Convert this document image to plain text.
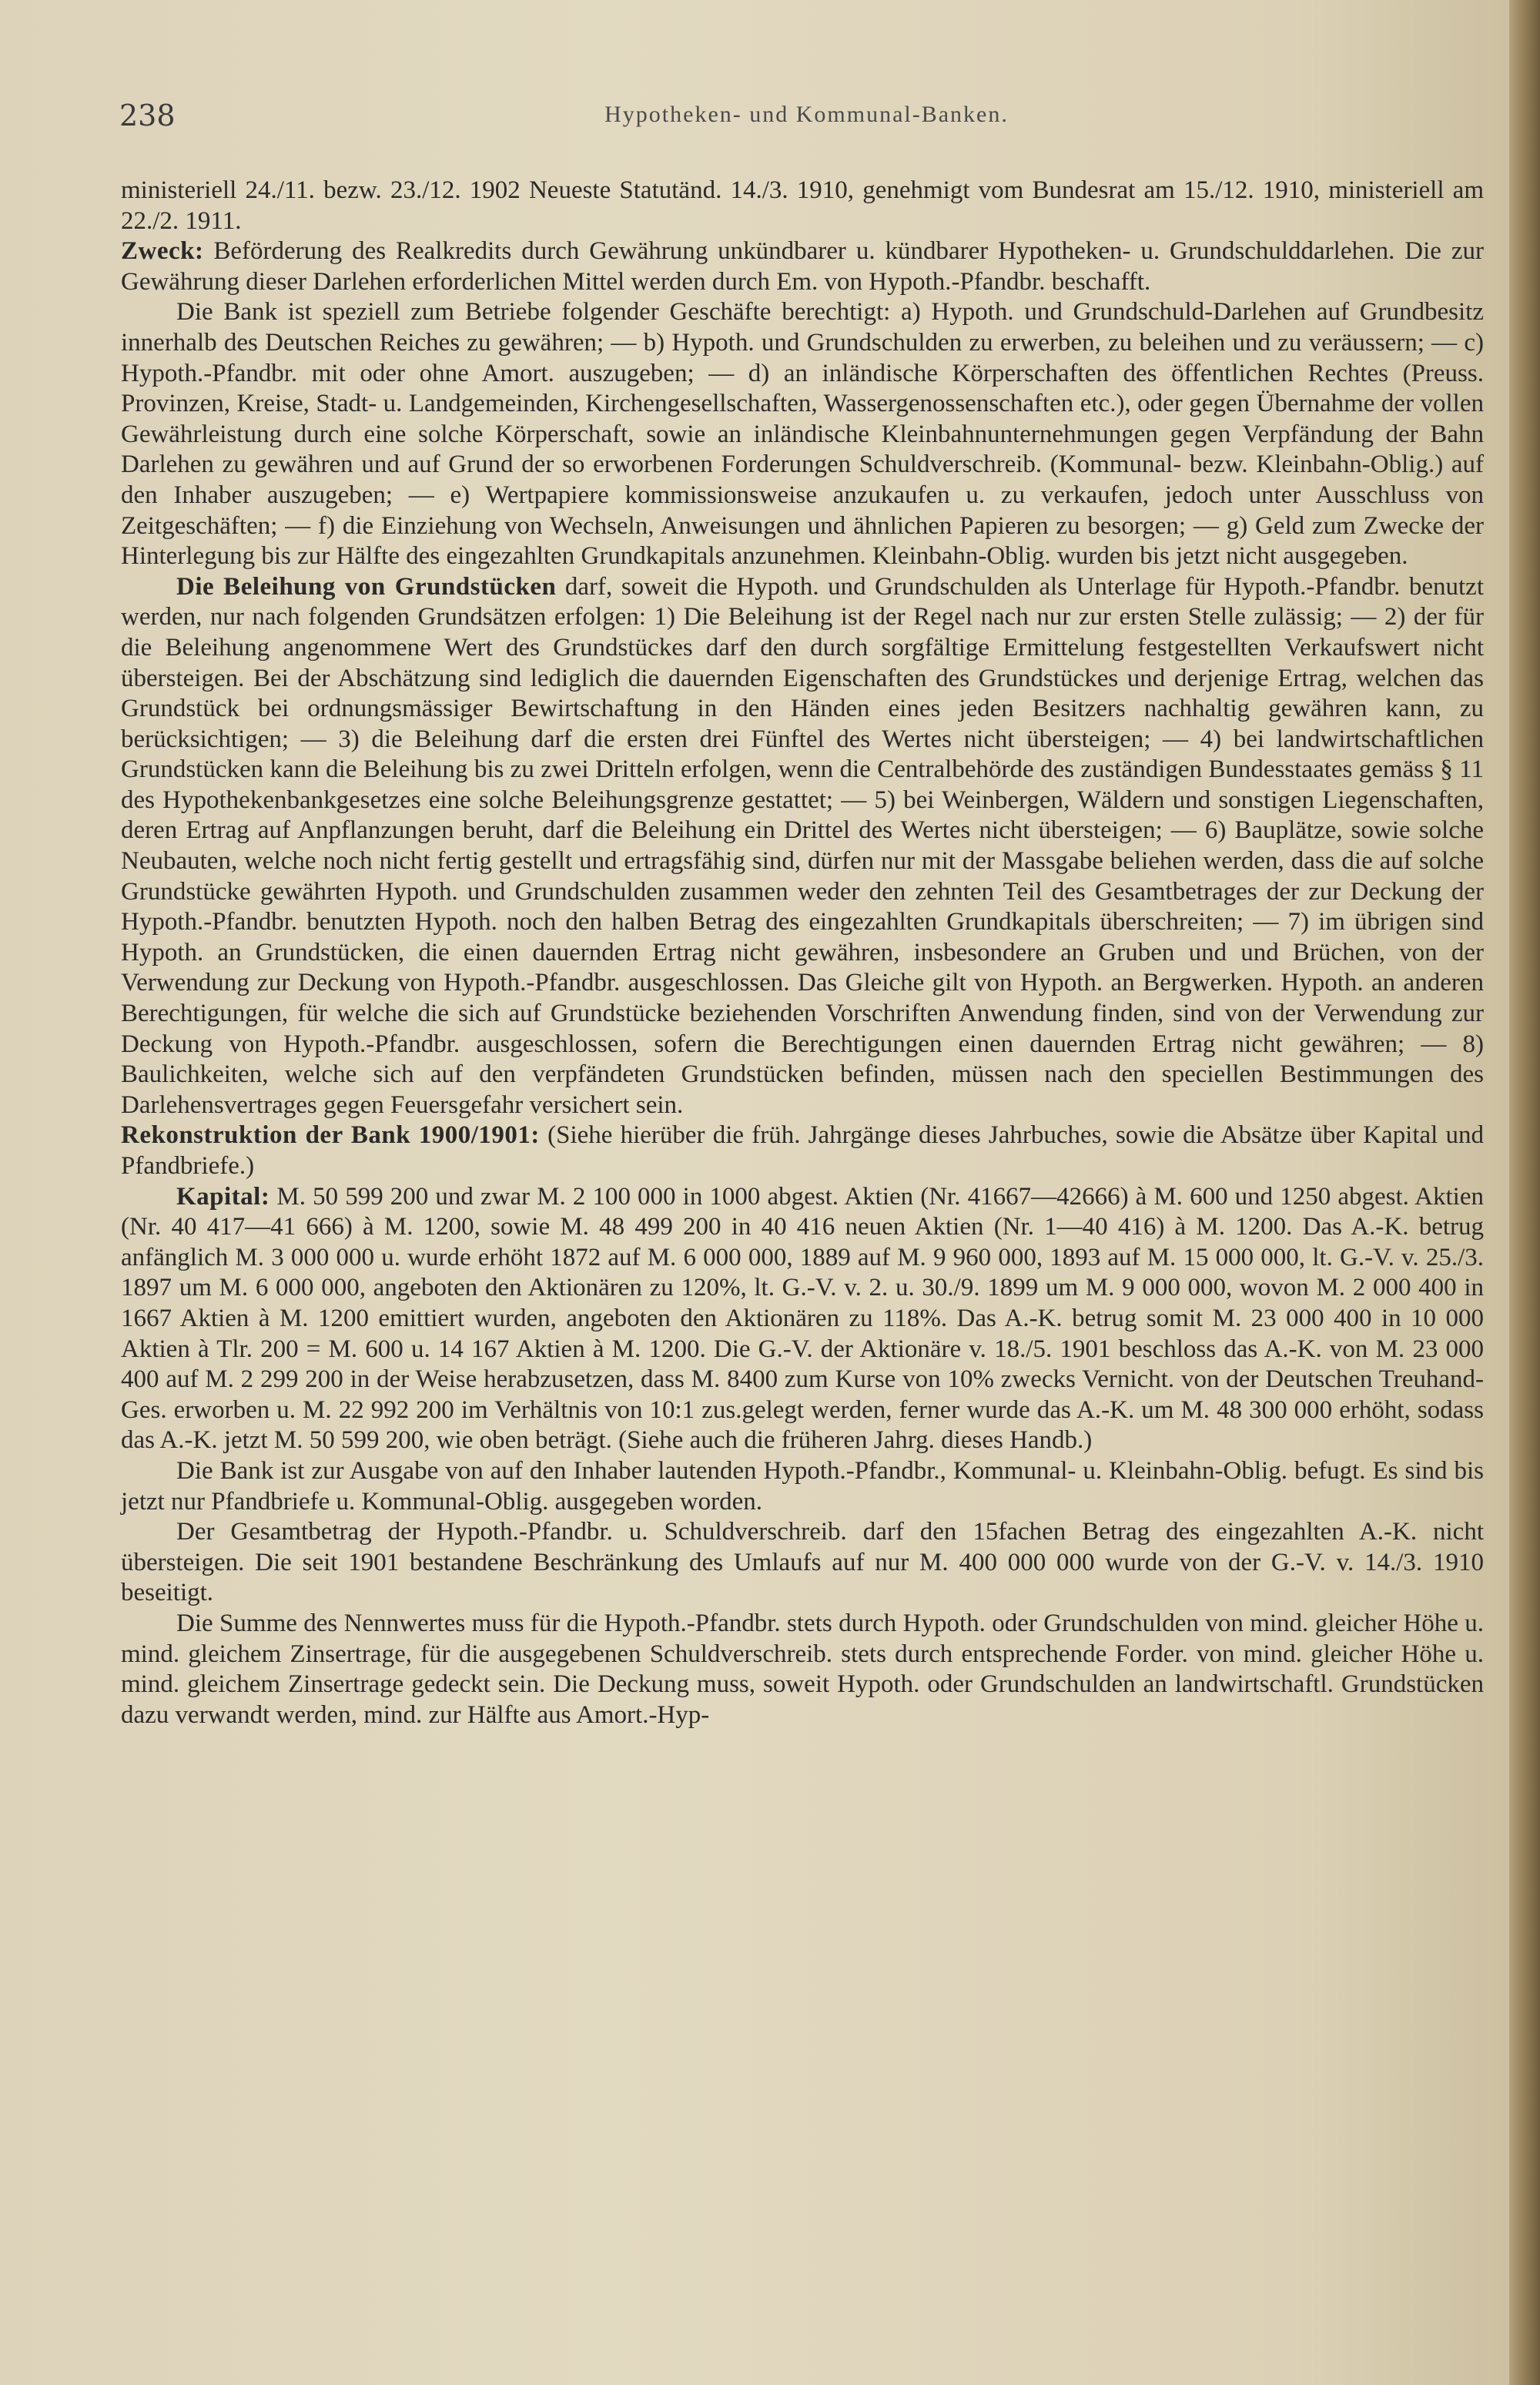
238	Hypotheken- und Kommunal-Banken.

ministeriell 24./11. bezw. 23./12. 1902 Neueste Statutänd. 14./3. 1910, genehmigt vom Bundesrat am 15./12. 1910, ministeriell am 22./2. 1911.

Zweck: Beförderung des Realkredits durch Gewährung unkündbarer u. kündbarer Hypotheken- u. Grundschulddarlehen. Die zur Gewährung dieser Darlehen erforderlichen Mittel werden durch Em. von Hypoth.-Pfandbr. beschafft.

Die Bank ist speziell zum Betriebe folgender Geschäfte berechtigt: a) Hypoth. und Grundschuld-Darlehen auf Grundbesitz innerhalb des Deutschen Reiches zu gewähren; — b) Hypoth. und Grundschulden zu erwerben, zu beleihen und zu veräussern; — c) Hypoth.-Pfandbr. mit oder ohne Amort. auszugeben; — d) an inländische Körperschaften des öffentlichen Rechtes (Preuss. Provinzen, Kreise, Stadt- u. Landgemeinden, Kirchengesellschaften, Wassergenossenschaften etc.), oder gegen Übernahme der vollen Gewährleistung durch eine solche Körperschaft, sowie an inländische Kleinbahnunternehmungen gegen Verpfändung der Bahn Darlehen zu gewähren und auf Grund der so erworbenen Forderungen Schuldverschreib. (Kommunal- bezw. Kleinbahn-Oblig.) auf den Inhaber auszugeben; — e) Wertpapiere kommissionsweise anzukaufen u. zu verkaufen, jedoch unter Ausschluss von Zeitgeschäften; — f) die Einziehung von Wechseln, Anweisungen und ähnlichen Papieren zu besorgen; — g) Geld zum Zwecke der Hinterlegung bis zur Hälfte des eingezahlten Grundkapitals anzunehmen. Kleinbahn-Oblig. wurden bis jetzt nicht ausgegeben.

Die Beleihung von Grundstücken darf, soweit die Hypoth. und Grundschulden als Unterlage für Hypoth.-Pfandbr. benutzt werden, nur nach folgenden Grundsätzen erfolgen: 1) Die Beleihung ist der Regel nach nur zur ersten Stelle zulässig; — 2) der für die Beleihung angenommene Wert des Grundstückes darf den durch sorgfältige Ermittelung festgestellten Verkaufswert nicht übersteigen. Bei der Abschätzung sind lediglich die dauernden Eigenschaften des Grundstückes und derjenige Ertrag, welchen das Grundstück bei ordnungsmässiger Bewirtschaftung in den Händen eines jeden Besitzers nachhaltig gewähren kann, zu berücksichtigen; — 3) die Beleihung darf die ersten drei Fünftel des Wertes nicht übersteigen; — 4) bei landwirtschaftlichen Grundstücken kann die Beleihung bis zu zwei Dritteln erfolgen, wenn die Centralbehörde des zuständigen Bundesstaates gemäss § 11 des Hypothekenbankgesetzes eine solche Beleihungsgrenze gestattet; — 5) bei Weinbergen, Wäldern und sonstigen Liegenschaften, deren Ertrag auf Anpflanzungen beruht, darf die Beleihung ein Drittel des Wertes nicht übersteigen; — 6) Bauplätze, sowie solche Neubauten, welche noch nicht fertig gestellt und ertragsfähig sind, dürfen nur mit der Massgabe beliehen werden, dass die auf solche Grundstücke gewährten Hypoth. und Grundschulden zusammen weder den zehnten Teil des Gesamtbetrages der zur Deckung der Hypoth.-Pfandbr. benutzten Hypoth. noch den halben Betrag des eingezahlten Grundkapitals überschreiten; — 7) im übrigen sind Hypoth. an Grundstücken, die einen dauernden Ertrag nicht gewähren, insbesondere an Gruben und und Brüchen, von der Verwendung zur Deckung von Hypoth.-Pfandbr. ausgeschlossen. Das Gleiche gilt von Hypoth. an Bergwerken. Hypoth. an anderen Berechtigungen, für welche die sich auf Grundstücke beziehenden Vorschriften Anwendung finden, sind von der Verwendung zur Deckung von Hypoth.-Pfandbr. ausgeschlossen, sofern die Berechtigungen einen dauernden Ertrag nicht gewähren; — 8) Baulichkeiten, welche sich auf den verpfändeten Grundstücken befinden, müssen nach den speciellen Bestimmungen des Darlehensvertrages gegen Feuersgefahr versichert sein.

Rekonstruktion der Bank 1900/1901: (Siehe hierüber die früh. Jahrgänge dieses Jahrbuches, sowie die Absätze über Kapital und Pfandbriefe.)

Kapital: M. 50 599 200 und zwar M. 2 100 000 in 1000 abgest. Aktien (Nr. 41667—42666) à M. 600 und 1250 abgest. Aktien (Nr. 40 417—41 666) à M. 1200, sowie M. 48 499 200 in 40 416 neuen Aktien (Nr. 1—40 416) à M. 1200. Das A.-K. betrug anfänglich M. 3 000 000 u. wurde erhöht 1872 auf M. 6 000 000, 1889 auf M. 9 960 000, 1893 auf M. 15 000 000, lt. G.-V. v. 25./3. 1897 um M. 6 000 000, angeboten den Aktionären zu 120%, lt. G.-V. v. 2. u. 30./9. 1899 um M. 9 000 000, wovon M. 2 000 400 in 1667 Aktien à M. 1200 emittiert wurden, angeboten den Aktionären zu 118%. Das A.-K. betrug somit M. 23 000 400 in 10 000 Aktien à Tlr. 200 = M. 600 u. 14 167 Aktien à M. 1200. Die G.-V. der Aktionäre v. 18./5. 1901 beschloss das A.-K. von M. 23 000 400 auf M. 2 299 200 in der Weise herabzusetzen, dass M. 8400 zum Kurse von 10% zwecks Vernicht. von der Deutschen Treuhand-Ges. erworben u. M. 22 992 200 im Verhältnis von 10:1 zus.gelegt werden, ferner wurde das A.-K. um M. 48 300 000 erhöht, sodass das A.-K. jetzt M. 50 599 200, wie oben beträgt. (Siehe auch die früheren Jahrg. dieses Handb.)

Die Bank ist zur Ausgabe von auf den Inhaber lautenden Hypoth.-Pfandbr., Kommunal- u. Kleinbahn-Oblig. befugt. Es sind bis jetzt nur Pfandbriefe u. Kommunal-Oblig. ausgegeben worden.

Der Gesamtbetrag der Hypoth.-Pfandbr. u. Schuldverschreib. darf den 15fachen Betrag des eingezahlten A.-K. nicht übersteigen. Die seit 1901 bestandene Beschränkung des Umlaufs auf nur M. 400 000 000 wurde von der G.-V. v. 14./3. 1910 beseitigt.

Die Summe des Nennwertes muss für die Hypoth.-Pfandbr. stets durch Hypoth. oder Grundschulden von mind. gleicher Höhe u. mind. gleichem Zinsertrage, für die ausgegebenen Schuldverschreib. stets durch entsprechende Forder. von mind. gleicher Höhe u. mind. gleichem Zinsertrage gedeckt sein. Die Deckung muss, soweit Hypoth. oder Grundschulden an landwirtschaftl. Grundstücken dazu verwandt werden, mind. zur Hälfte aus Amort.-Hyp-
